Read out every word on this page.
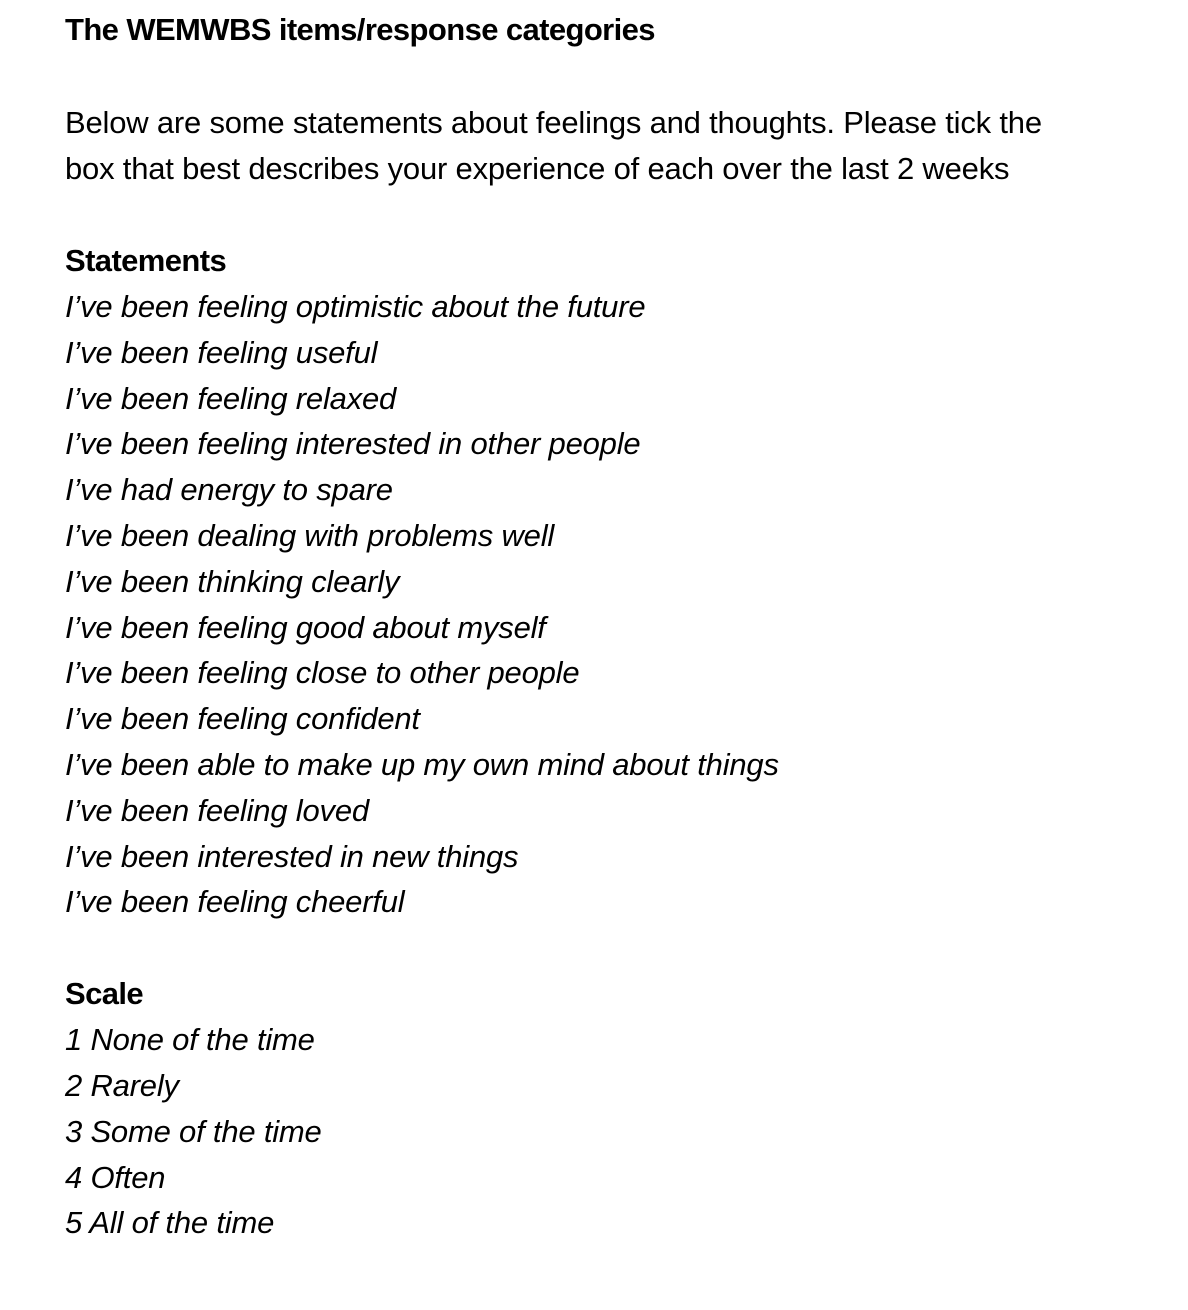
The WEMWBS items/response categories

Below are some statements about feelings and thoughts. Please tick the
box that best describes your experience of each over the last 2 weeks

Statements
I’ve been feeling optimistic about the future
I’ve been feeling useful
I’ve been feeling relaxed
I’ve been feeling interested in other people
I’ve had energy to spare
I’ve been dealing with problems well
I’ve been thinking clearly
I’ve been feeling good about myself
I’ve been feeling close to other people
I’ve been feeling confident
I’ve been able to make up my own mind about things
I’ve been feeling loved
I’ve been interested in new things
I’ve been feeling cheerful
Scale
1 None of the time
2 Rarely
3 Some of the time
4 Often
5 All of the time
